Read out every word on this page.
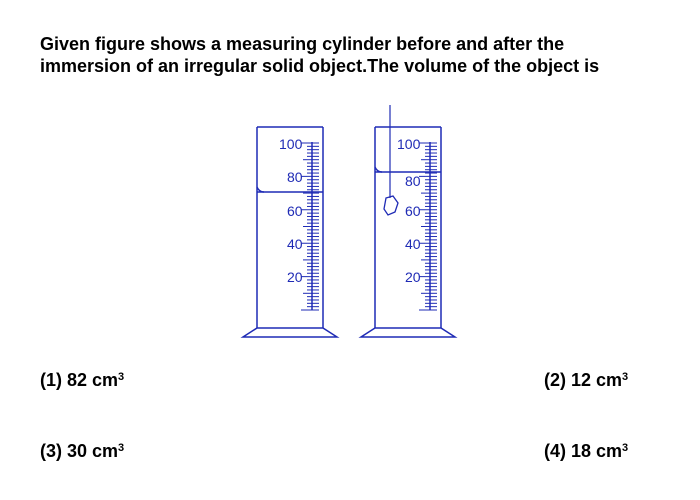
Given figure shows a measuring cylinder before and after the
immersion of an irregular solid object.The volume of the object is
100
80
60
40
20
100
80
60
40
20
(1) 82 $cm^3$	(2) 12 $cm^3$
(3) 30 $cm^3$	(4) 18 $cm^3$
